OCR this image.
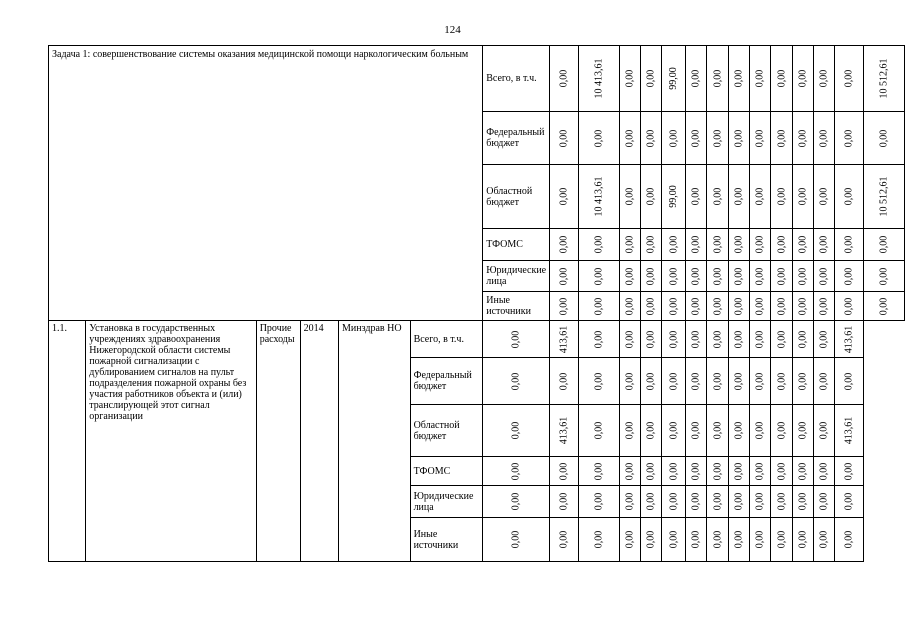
124
Задача 1: совершенствование системы оказания медицинской помощи наркологическим больным						Всего, в т.ч.	0,00	10 413,61	0,00	0,00	99,00	0,00	0,00	0,00	0,00	0,00	0,00	0,00	0,00	10 512,61
						Федеральный бюджет	0,00	0,00	0,00	0,00	0,00	0,00	0,00	0,00	0,00	0,00	0,00	0,00	0,00	0,00
						Областной бюджет	0,00	10 413,61	0,00	0,00	99,00	0,00	0,00	0,00	0,00	0,00	0,00	0,00	0,00	10 512,61
						ТФОМС	0,00	0,00	0,00	0,00	0,00	0,00	0,00	0,00	0,00	0,00	0,00	0,00	0,00	0,00
						Юридические лица	0,00	0,00	0,00	0,00	0,00	0,00	0,00	0,00	0,00	0,00	0,00	0,00	0,00	0,00
						Иные источники	0,00	0,00	0,00	0,00	0,00	0,00	0,00	0,00	0,00	0,00	0,00	0,00	0,00	0,00
1.1.	Установка в государственных учреждениях здравоохранения Нижегородской области системы пожарной сигнализации с дублированием сигналов на пульт подразделения пожарной охраны без участия работников объекта и (или) транслирующей этот сигнал организации	Прочие расходы	2014	Минздрав НО	Всего, в т.ч.	0,00	413,61	0,00	0,00	0,00	0,00	0,00	0,00	0,00	0,00	0,00	0,00	0,00	413,61	
					Федеральный бюджет	0,00	0,00	0,00	0,00	0,00	0,00	0,00	0,00	0,00	0,00	0,00	0,00	0,00	0,00	
					Областной бюджет	0,00	413,61	0,00	0,00	0,00	0,00	0,00	0,00	0,00	0,00	0,00	0,00	0,00	413,61	
					ТФОМС	0,00	0,00	0,00	0,00	0,00	0,00	0,00	0,00	0,00	0,00	0,00	0,00	0,00	0,00	
					Юридические лица	0,00	0,00	0,00	0,00	0,00	0,00	0,00	0,00	0,00	0,00	0,00	0,00	0,00	0,00	
					Иные источники	0,00	0,00	0,00	0,00	0,00	0,00	0,00	0,00	0,00	0,00	0,00	0,00	0,00	0,00	
